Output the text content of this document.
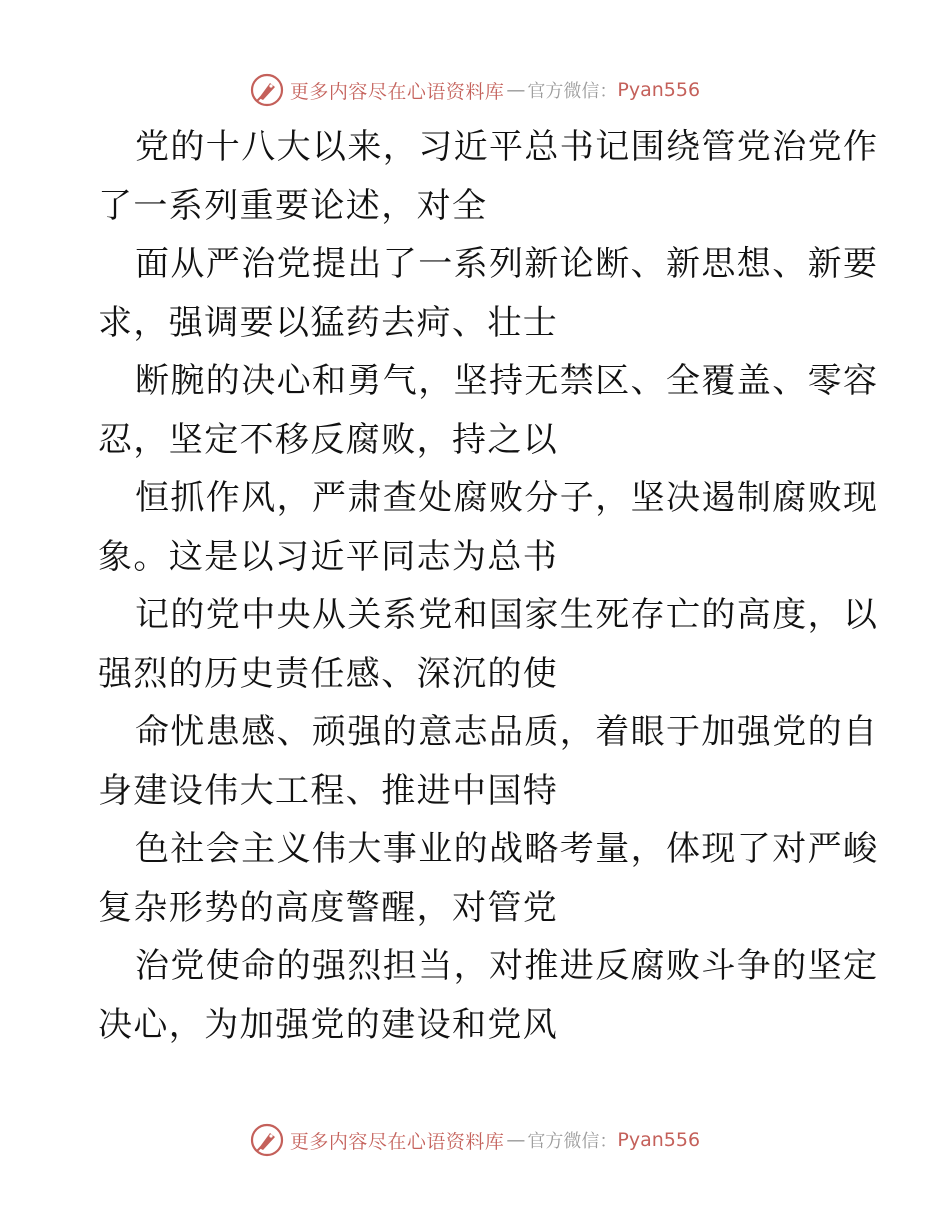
更多内容尽在心语资料库 — 官方微信： Pyan556
党的十八大以来，习近平总书记围绕管党治党作
了一系列重要论述，对全
面从严治党提出了一系列新论断、新思想、新要
求，强调要以猛药去疴、壮士
断腕的决心和勇气，坚持无禁区、全覆盖、零容
忍，坚定不移反腐败，持之以
恒抓作风，严肃查处腐败分子，坚决遏制腐败现
象。这是以习近平同志为总书
记的党中央从关系党和国家生死存亡的高度，以
强烈的历史责任感、深沉的使
命忧患感、顽强的意志品质，着眼于加强党的自
身建设伟大工程、推进中国特
色社会主义伟大事业的战略考量，体现了对严峻
复杂形势的高度警醒，对管党
治党使命的强烈担当，对推进反腐败斗争的坚定
决心，为加强党的建设和党风
更多内容尽在心语资料库 — 官方微信： Pyan556
